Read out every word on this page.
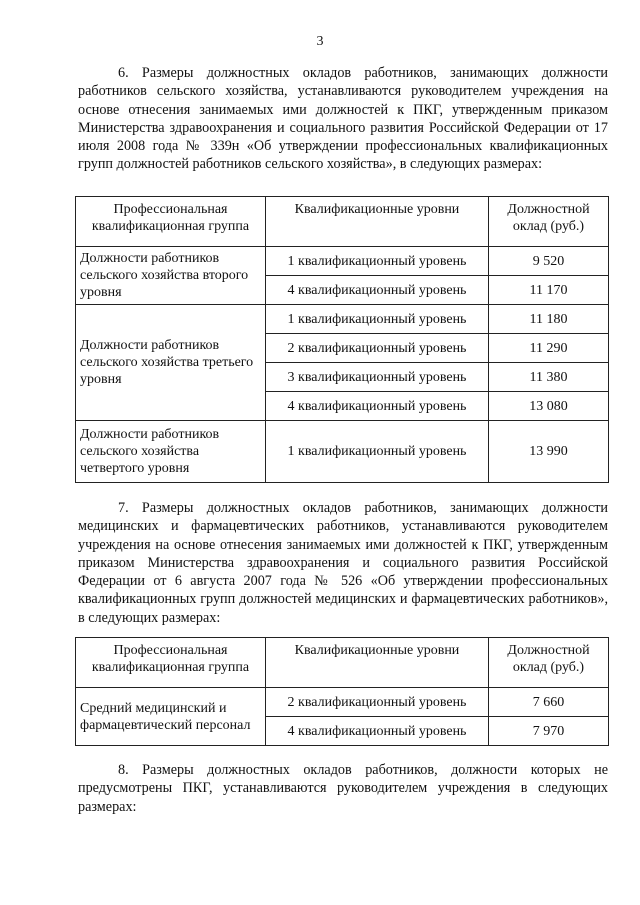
3

6. Размеры должностных окладов работников, занимающих должности работников сельского хозяйства, устанавливаются руководителем учреждения на основе отнесения занимаемых ими должностей к ПКГ, утвержденным приказом Министерства здравоохранения и социального развития Российской Федерации от 17 июля 2008 года № 339н «Об утверждении профессиональных квалификационных групп должностей работников сельского хозяйства», в следующих размерах:

Профессиональная квалификационная группа	Квалификационные уровни	Должностной оклад (руб.)
Должности работников сельского хозяйства второго уровня	1 квалификационный уровень	9 520
	4 квалификационный уровень	11 170
Должности работников сельского хозяйства третьего уровня	1 квалификационный уровень	11 180
	2 квалификационный уровень	11 290
	3 квалификационный уровень	11 380
	4 квалификационный уровень	13 080
Должности работников сельского хозяйства четвертого уровня	1 квалификационный уровень	13 990

7. Размеры должностных окладов работников, занимающих должности медицинских и фармацевтических работников, устанавливаются руководителем учреждения на основе отнесения занимаемых ими должностей к ПКГ, утвержденным приказом Министерства здравоохранения и социального развития Российской Федерации от 6 августа 2007 года № 526 «Об утверждении профессиональных квалификационных групп должностей медицинских и фармацевтических работников», в следующих размерах:

Профессиональная квалификационная группа	Квалификационные уровни	Должностной оклад (руб.)
Средний медицинский и фармацевтический персонал	2 квалификационный уровень	7 660
	4 квалификационный уровень	7 970

8. Размеры должностных окладов работников, должности которых не предусмотрены ПКГ, устанавливаются руководителем учреждения в следующих размерах:
